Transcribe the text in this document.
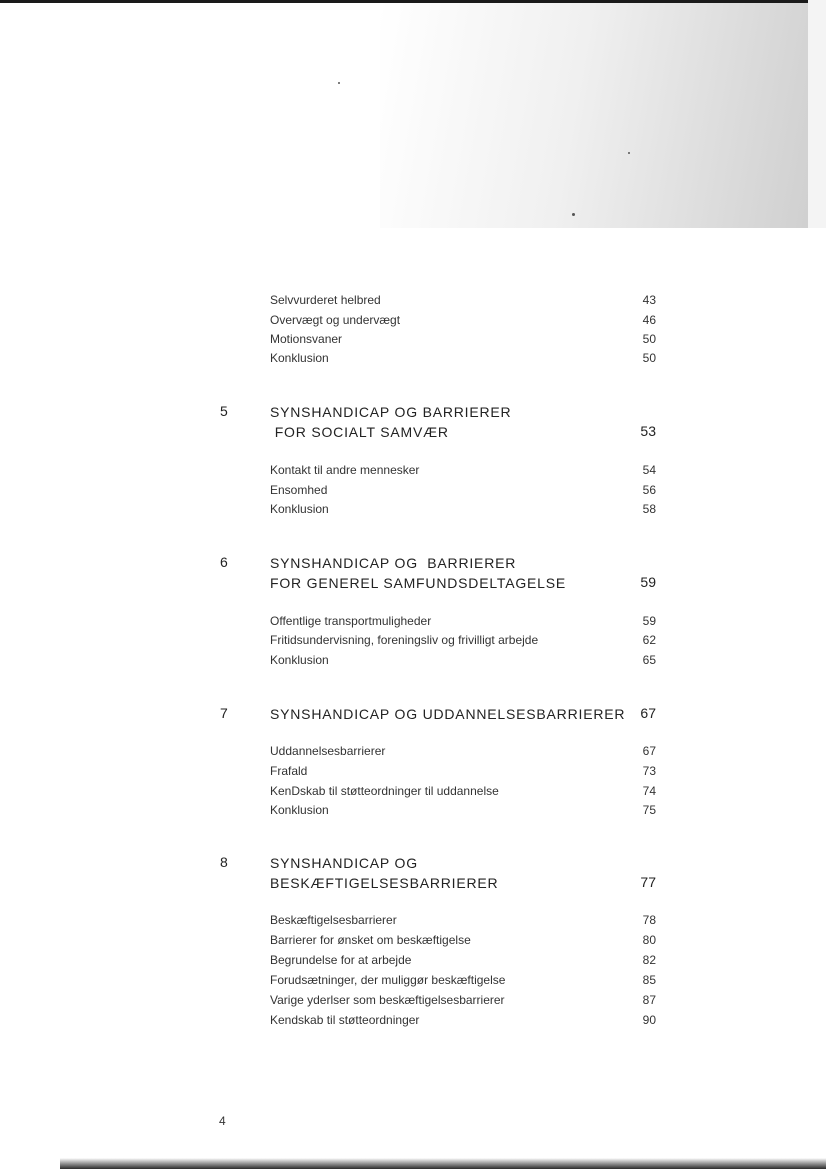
Selvvurderet helbred	43
Overvægt og undervægt	46
Motionsvaner	50
Konklusion	50
5	SYNSHANDICAP OG BARRIERER
FOR SOCIALT SAMVÆR	53
Kontakt til andre mennesker	54
Ensomhed	56
Konklusion	58
6	SYNSHANDICAP OG  BARRIERER
FOR GENEREL SAMFUNDSDELTAGELSE	59
Offentlige transportmuligheder	59
Fritidsundervisning, foreningsliv og frivilligt arbejde	62
Konklusion	65
7	SYNSHANDICAP OG UDDANNELSESBARRIERER	67
Uddannelsesbarrierer	67
Frafald	73
KenDskab til støtteordninger til uddannelse	74
Konklusion	75
8	SYNSHANDICAP OG
BESKÆFTIGELSESBARRIERER	77
Beskæftigelsesbarrierer	78
Barrierer for ønsket om beskæftigelse	80
Begrundelse for at arbejde	82
Forudsætninger, der muliggør beskæftigelse	85
Varige yderlser som beskæftigelsesbarrierer	87
Kendskab til støtteordninger	90
4
